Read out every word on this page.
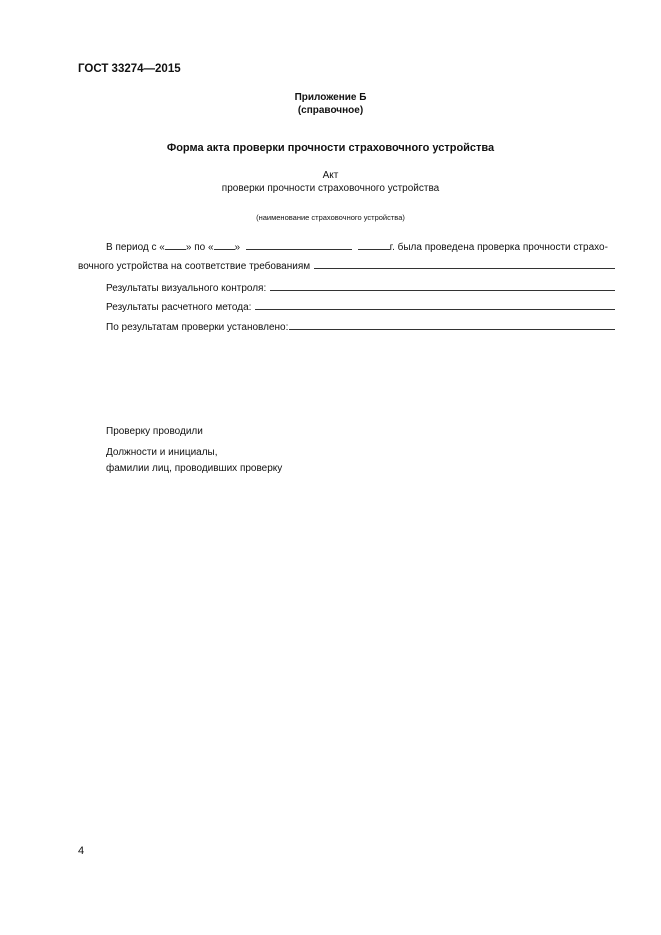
ГОСТ 33274—2015
Приложение Б
(справочное)
Форма акта проверки прочности страховочного устройства
Акт
проверки прочности страховочного устройства
(наименование страховочного устройства)
В период с « » по « »	г. была проведена проверка прочности страхо-
вочного устройства на соответствие требованиям
Результаты визуального контроля:
Результаты расчетного метода:
По результатам проверки установлено:
Проверку проводили
Должности и инициалы,
фамилии лиц, проводивших проверку
4
